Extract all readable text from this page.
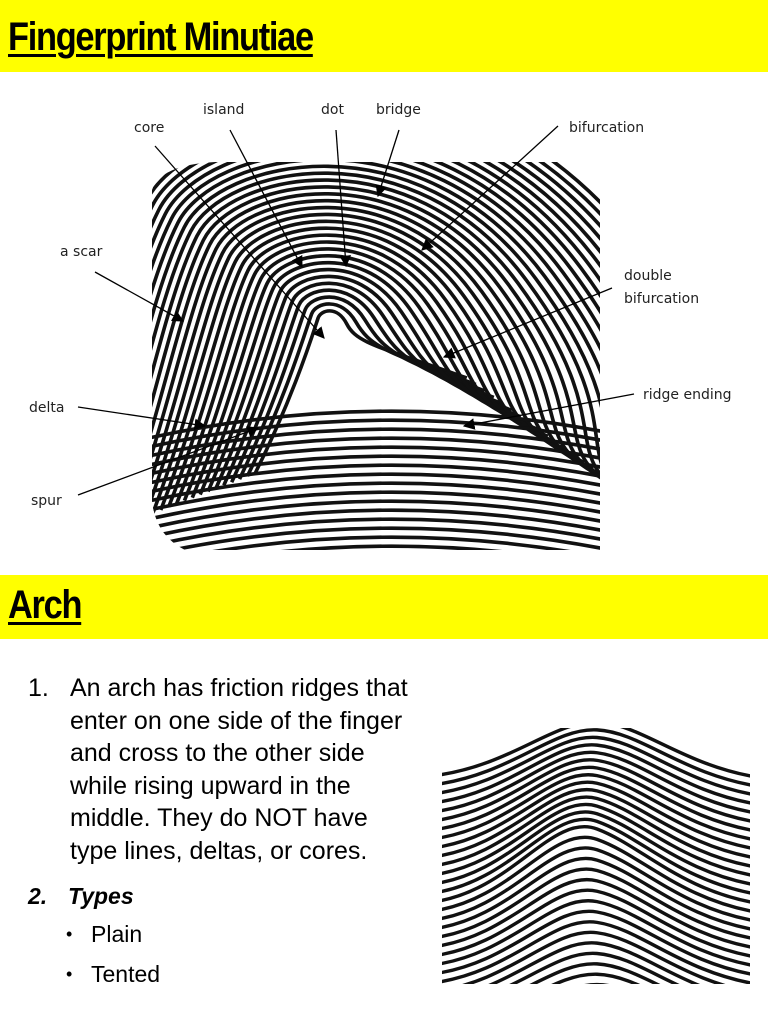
Fingerprint Minutiae
core
island	dot bridge
bifurcation
a scar
double
bifurcation
delta
ridge ending
spur
Arch
1. An arch has friction ridges that enter on one side of the finger and cross to the other side while rising upward in the middle. They do NOT have type lines, deltas, or cores.
2. Types
• Plain
• Tented
